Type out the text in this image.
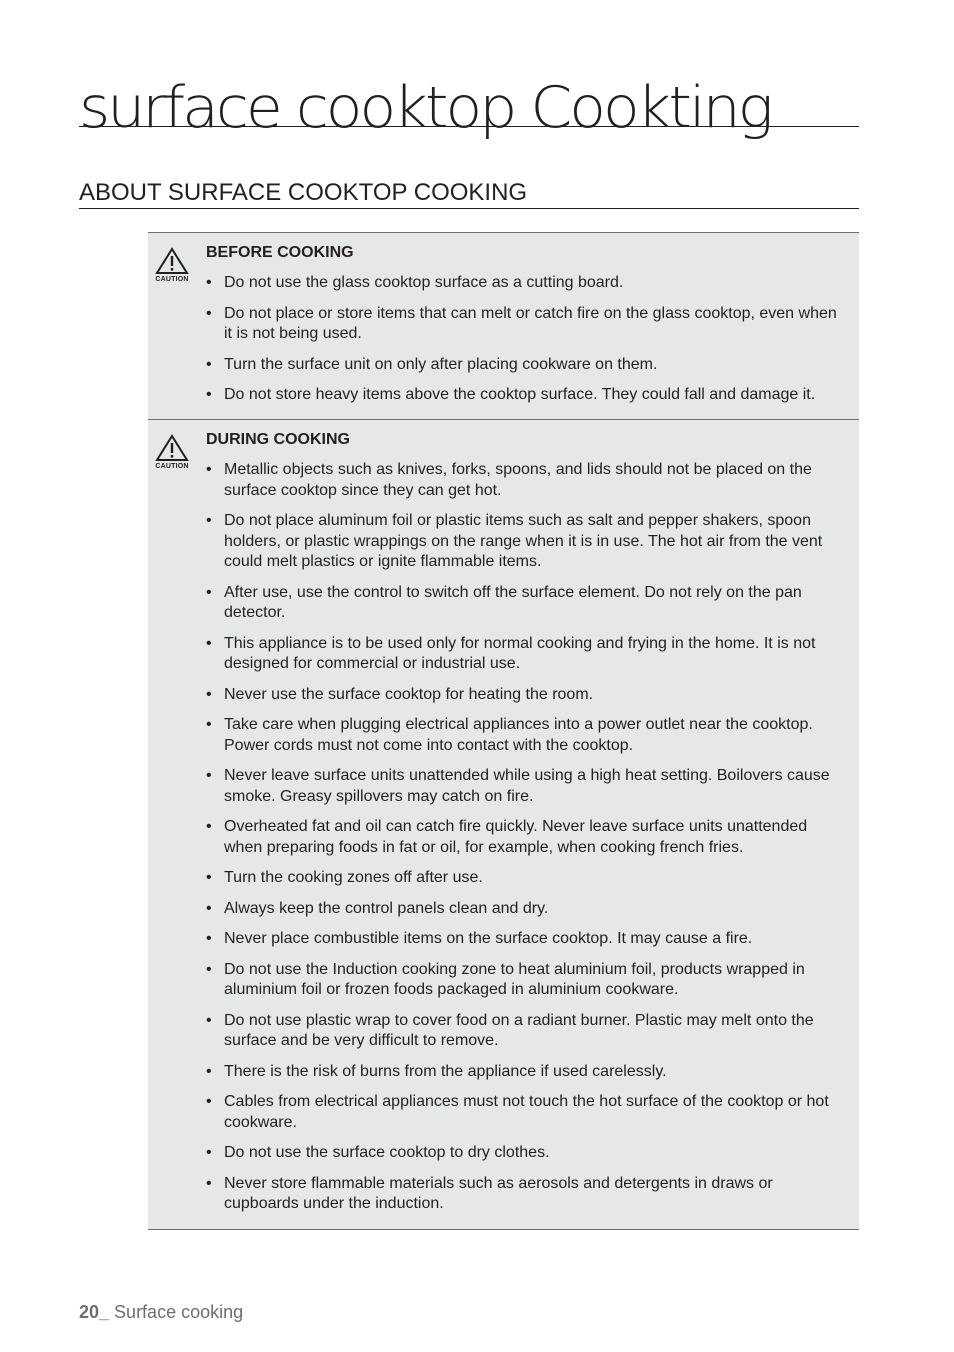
surface cooktop Cookting
ABOUT SURFACE COOKTOP COOKING
CAUTION
BEFORE COOKING
• Do not use the glass cooktop surface as a cutting board.
• Do not place or store items that can melt or catch fire on the glass cooktop, even when it is not being used.
• Turn the surface unit on only after placing cookware on them.
• Do not store heavy items above the cooktop surface. They could fall and damage it.
CAUTION
DURING COOKING
• Metallic objects such as knives, forks, spoons, and lids should not be placed on the surface cooktop since they can get hot.
• Do not place aluminum foil or plastic items such as salt and pepper shakers, spoon holders, or plastic wrappings on the range when it is in use. The hot air from the vent could melt plastics or ignite flammable items.
• After use, use the control to switch off the surface element. Do not rely on the pan detector.
• This appliance is to be used only for normal cooking and frying in the home. It is not designed for commercial or industrial use.
• Never use the surface cooktop for heating the room.
• Take care when plugging electrical appliances into a power outlet near the cooktop. Power cords must not come into contact with the cooktop.
• Never leave surface units unattended while using a high heat setting. Boilovers cause smoke. Greasy spillovers may catch on fire.
• Overheated fat and oil can catch fire quickly. Never leave surface units unattended when preparing foods in fat or oil, for example, when cooking french fries.
• Turn the cooking zones off after use.
• Always keep the control panels clean and dry.
• Never place combustible items on the surface cooktop. It may cause a fire.
• Do not use the Induction cooking zone to heat aluminium foil, products wrapped in aluminium foil or frozen foods packaged in aluminium cookware.
• Do not use plastic wrap to cover food on a radiant burner. Plastic may melt onto the surface and be very difficult to remove.
• There is the risk of burns from the appliance if used carelessly.
• Cables from electrical appliances must not touch the hot surface of the cooktop or hot cookware.
• Do not use the surface cooktop to dry clothes.
• Never store flammable materials such as aerosols and detergents in draws or cupboards under the induction.
20_ Surface cooking
